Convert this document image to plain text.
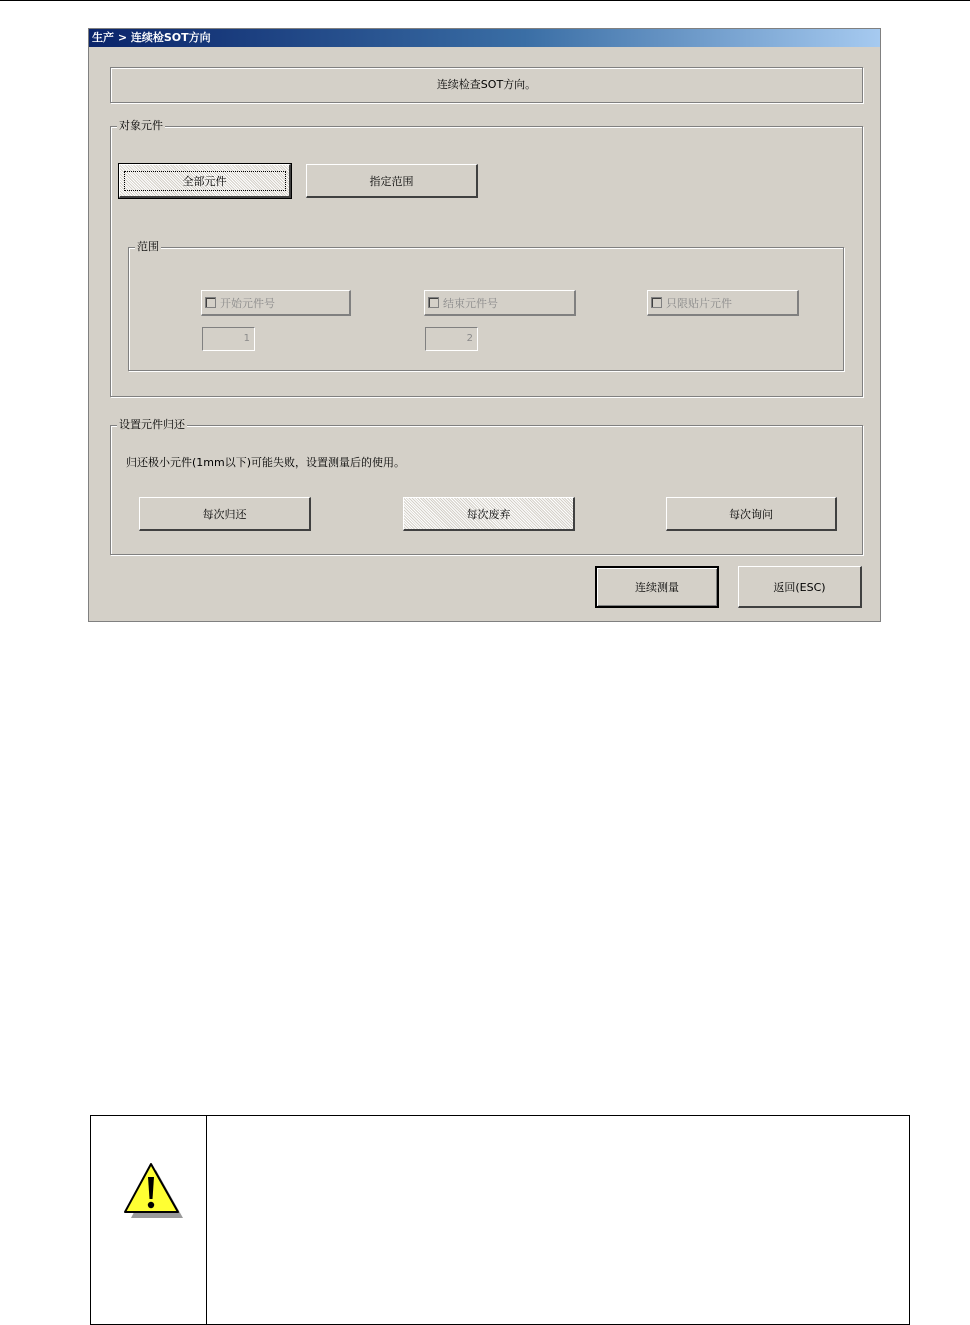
生产 > 连续检SOT方向
连续检查SOT方向。
对象元件
全部元件	指定范围
范围
开始元件号	结束元件号	只限贴片元件
1	2
设置元件归还
归还极小元件(1mm以下)可能失败，设置测量后的使用。
每次归还	每次废弃	每次询问
连续测量	返回(ESC)
